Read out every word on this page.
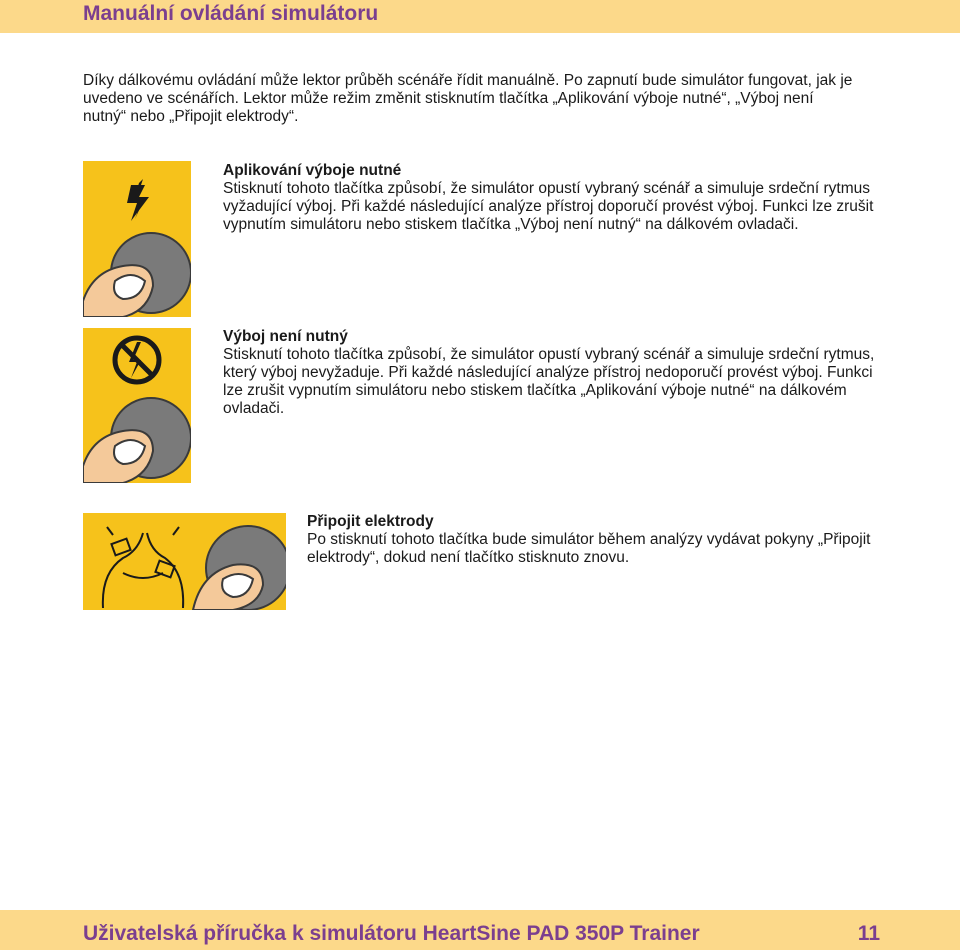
Manuální ovládání simulátoru
Díky dálkovému ovládání může lektor průběh scénáře řídit manuálně. Po zapnutí bude simulátor fungovat, jak je uvedeno ve scénářích. Lektor může režim změnit stisknutím tlačítka „Aplikování výboje nutné“, „Výboj není nutný“ nebo „Připojit elektrody“.
Aplikování výboje nutné
Stisknutí tohoto tlačítka způsobí, že simulátor opustí vybraný scénář a simuluje srdeční rytmus vyžadující výboj. Při každé následující analýze přístroj doporučí provést výboj. Funkci lze zrušit vypnutím simulátoru nebo stiskem tlačítka „Výboj není nutný“ na dálkovém ovladači.
Výboj není nutný
Stisknutí tohoto tlačítka způsobí, že simulátor opustí vybraný scénář a simuluje srdeční rytmus, který výboj nevyžaduje. Při každé následující analýze přístroj nedoporučí provést výboj. Funkci lze zrušit vypnutím simulátoru nebo stiskem tlačítka „Aplikování výboje nutné“ na dálkovém ovladači.
Připojit elektrody
Po stisknutí tohoto tlačítka bude simulátor během analýzy vydávat pokyny „Připojit elektrody“, dokud není tlačítko stisknuto znovu.
Uživatelská příručka k simulátoru HeartSine PAD 350P Trainer	11
